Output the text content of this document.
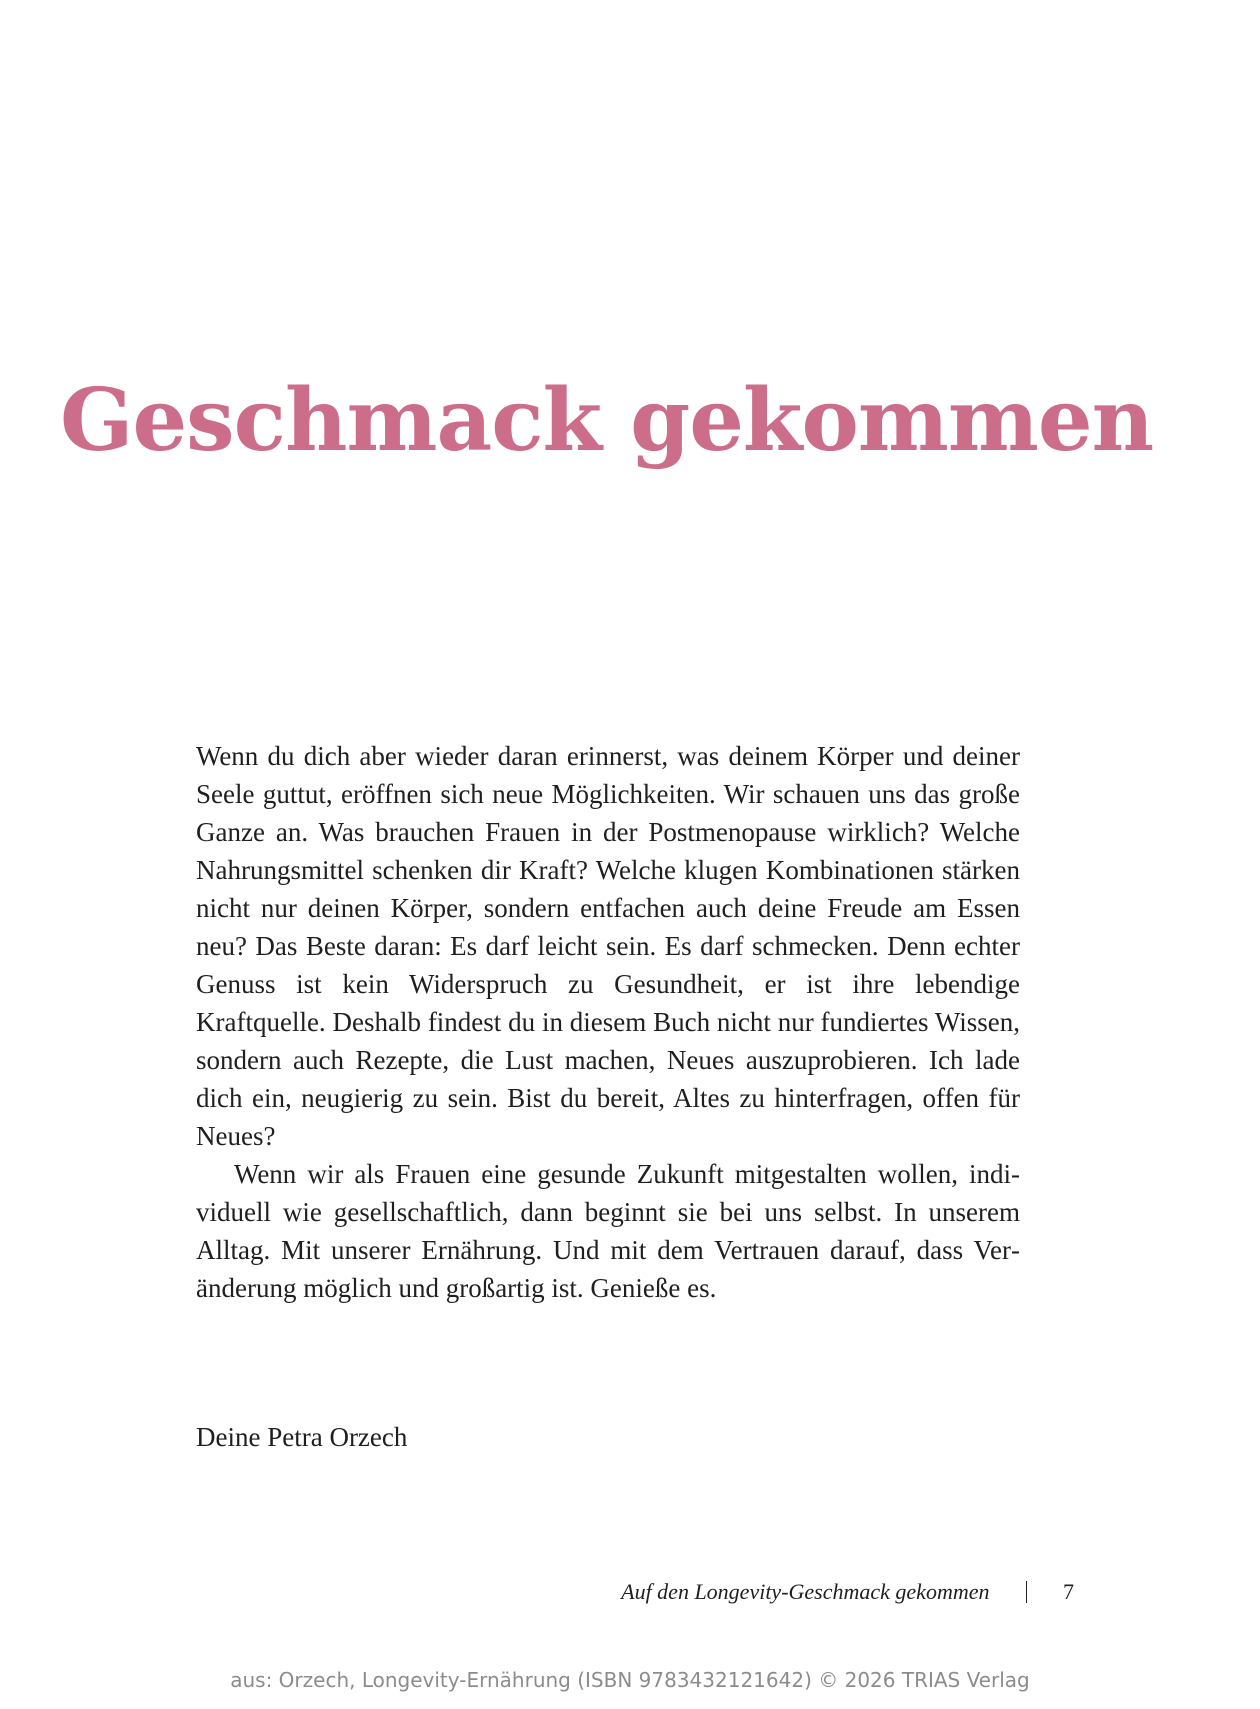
Geschmack gekommen

Wenn du dich aber wieder daran erinnerst, was deinem Körper und deiner Seele guttut, eröffnen sich neue Möglichkeiten. Wir schauen uns das große Ganze an. Was brauchen Frauen in der Postmenopause wirklich? Welche Nahrungsmittel schenken dir Kraft? Welche klugen Kombinationen stärken nicht nur deinen Körper, sondern entfachen auch deine Freude am Essen neu? Das Beste daran: Es darf leicht sein. Es darf schmecken. Denn echter Genuss ist kein Widerspruch zu Gesundheit, er ist ihre lebendige Kraftquelle. Deshalb findest du in diesem Buch nicht nur fundiertes Wissen, sondern auch Rezepte, die Lust machen, Neues auszuprobieren. Ich lade dich ein, neugierig zu sein. Bist du bereit, Altes zu hinterfragen, offen für Neues?

Wenn wir als Frauen eine gesunde Zukunft mitgestalten wollen, individuell wie gesellschaftlich, dann beginnt sie bei uns selbst. In unserem Alltag. Mit unserer Ernährung. Und mit dem Vertrauen darauf, dass Veränderung möglich und großartig ist. Genieße es.

Deine Petra Orzech

Auf den Longevity-Geschmack gekommen	7
aus: Orzech, Longevity-Ernährung (ISBN 9783432121642) © 2026 TRIAS Verlag
